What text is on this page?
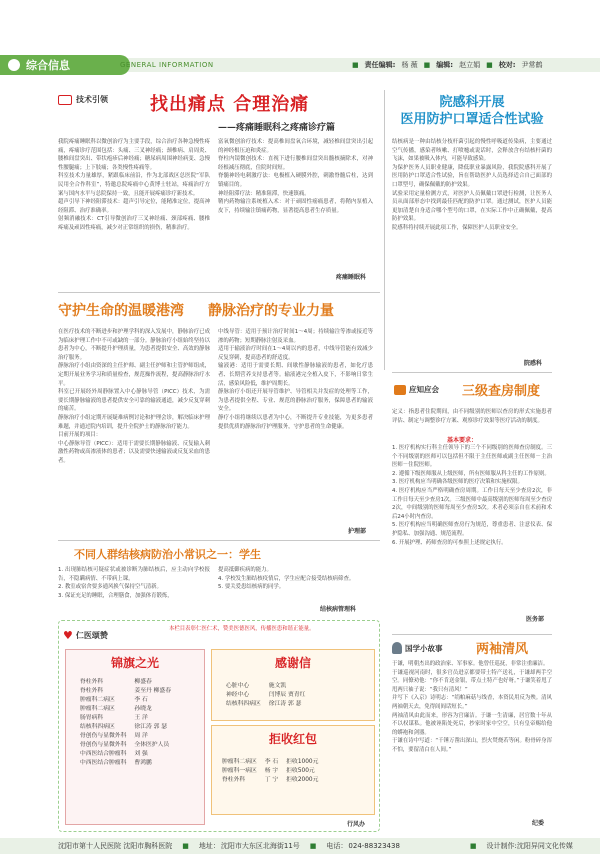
综合信息	GENERAL INFORMATION	■ 责任编辑: 杨 薇 ■ 编辑: 赵立娟 ■ 校对: 尹常鹤
技术引领 找出痛点 合理治痛
——疼痛睡眠科之疼痛诊疗篇
我院疼痛睡眠科以微创治疗为主要手段，综合治疗各种急慢性疼痛，疼痛诊疗范围包括：头痛、三叉神经痛；颈椎病、肩周炎、腰椎间盘突出、带状疱疹后神经痛；糖尿病周围神经病变、急慢性腰腿痛；上下肢痛；各类慢性疼痛等。
科室技术力量雄厚，紧跟临床前沿，作为北部战区总医院“军队民用全合作科室”，特邀总院疼痛中心黄博士驻站，疼痛治疗方案与国内水平与总院保持一致，且能开展疼痛诊疗新技术。
超声引导下神经阻滞技术：超声引导定位，能精准定位，提高神经阻滞、治疗准确率。
射频消融技术：CT引导微创治疗三叉神经痛、颈部疼痛、腰椎疼痛及顽固性疼痛，减少对正常组织的损伤，精准治疗。
富氧微创治疗技术：提高椎间盘氧合环境，减轻椎间盘突出引起的神经根压迫和炎症。
脊柱内镜微创技术：直视下进行腰椎间盘突出髓核摘除术，对神经根减压彻底，住院时间短。
脊髓神经电刺激疗法：电极植入硬膜外腔，刺激脊髓后柱，达到镇痛目的。
神经阻滞疗法：精准阻滞，快速镇痛。
鞘内药物输注系统植入术：对于顽固性癌痛患者，将鞘内泵植入皮下，持续输注镇痛药物，显著提高患者生存质量。
疼痛睡眠科
院感科开展
医用防护口罩适合性试验
结核病是一种由结核分枝杆菌引起的慢性呼吸道传染病，主要通过空气传播，感染者咳嗽、打喷嚏或说话时，会释放含有结核杆菌的飞沫，如果被吸入体内，可能导致感染。
为保护医务人员职业健康，降低职业暴露风险，我院院感科开展了医用防护口罩适合性试验，旨在帮助医护人员选择适合自己面部的口罩型号，确保佩戴的防护效果。
试验采用定量检测方式，对医护人员佩戴口罩进行检测，让医务人员从面部形态中找到最佳匹配的防护口罩。通过测试，医护人员能更加清楚自身适合哪个型号的口罩，在实际工作中正确佩戴，提高防护效果。
院感科将持续开展此项工作，保障医护人员职业安全。
院感科
守护生命的温暖港湾 静脉治疗的专业力量
在医疗技术的不断进步和护理学科的深入发展中，静脉治疗已成为临床护理工作中不可或缺的一部分。静脉治疗小组始终坚持以患者为中心，不断提升护理质量，为患者提供安全、高效的静脉治疗服务。
静脉治疗小组由资深的主任护师、副主任护师和主管护师组成，定期开展业务学习和质量检查，规范操作流程，提高静脉治疗水平。
科室已开展经外周静脉置入中心静脉导管（PICC）技术，为需要长期静脉输液的患者提供安全可靠的输液通道，减少反复穿刺的痛苦。
静脉治疗小组定期开展疑难病例讨论和护理会诊，解决临床护理难题，并通过院内培训，提升全院护士的静脉治疗能力。
目前开展的项目：
中心静脉导管（PICC）：适用于需要长期静脉输液、反复输入刺激性药物或高渗液体的患者；以及需要快速输液或反复采血的患者。
中线导管：适用于预计治疗时间1～4周；持续输注等渗或接近等渗的药物；短期静脉注射及采血。
适用于输液治疗时间在1～4周以内的患者，中线导管能有效减少反复穿刺，提高患者的舒适度。
输液港：适用于需要长期、间歇性静脉输液的患者，如化疗患者、长期营养支持患者等。输液港完全植入皮下，不影响日常生活，感染风险低，维护周期长。
静脉治疗小组还开展导管维护、导管相关并发症的处理等工作，为患者提供全程、专业、规范的静脉治疗服务，保障患者的输液安全。
静疗小组将继续以患者为中心，不断提升专业技能，为更多患者提供优质的静脉治疗护理服务，守护患者的生命健康。
护理部
应知应会 三级查房制度
定义：指患者住院期间，由不同级别的医师以查房的形式实施患者评估、制定与调整诊疗方案、观察诊疗效果等医疗活动的制度。
基本要求：
1. 医疗机构实行科主任领导下的三个不同级别的医师查房制度。三个不同级别的医师可以包括但不限于主任医师或副主任医师－主治医师－住院医师。
2. 遵循下级医师服从上级医师，所有医师服从科主任的工作原则。
3. 医疗机构应当明确各级医师的医疗决策和实施权限。
4. 医疗机构应当严格明确查房周期。工作日每天至少查房2次，非工作日每天至少查房1次。三级医师中最高级别的医师每周至少查房2次，中间级别的医师每周至少查房3次。术者必须亲自在术前和术后24小时内查房。
5. 医疗机构应当明确医师查房行为规范，尊重患者、注意仪表、保护隐私、加强沟通、规范流程。
6. 开展护理、药师查房的可参照上述规定执行。
医务部
不同人群结核病防治小常识之一：学生
1. 出现肺结核可疑症状或被诊断为肺结核后，应主动向学校报告，不隐瞒病情、不带病上课。
2. 教室或宿舍要多通风换气保持空气清新。
3. 保证充足的睡眠，合理膳食，加强体育锻炼，
提高抵御疾病的能力。
4. 学校发生肺结核疫情后，学生应配合接受结核病筛查。
5. 要关爱患结核病的同学。
结核病管理科
♥ 仁医颂赞
本栏目表彰仁医仁术，赞美医德医风，传播医患和谐正能量。
锦旗之光
脊柱外科	柳盛春
脊柱外科	姜至丹 柳盛春
肿瘤科二病区	李 石
肿瘤科二病区	孙晓龙
肠胃病科	王 洋
结核科四病区	徐江涛 郭 瑟
骨创伤与显微外科	周 洋
骨创伤与显微外科	全体医护人员
中西医结合肿瘤科	刘 强
中西医结合肿瘤科	曹鸿鹏
感谢信
心脏中心	施文凯
神经中心	闫博辰 贾青红
结核科四病区	徐江涛 郭 瑟
拒收红包
肿瘤科二病区	李 石	拒收1000元
肿瘤科一病区	杨 宇	拒收500元
脊柱外科	丁 宁	拒收2000元
行风办
国学小故事	两袖清风
于谦，明朝杰出的政治家、军事家。他曾任巡抚，非常注重廉洁。
于谦巡视河南时，很多官员进京都要带土特产送礼，于谦却两手空空。同僚劝他：“你不肯送金银，带点土特产也好呀。”于谦笑着甩了甩两只袖子说：“我只有清风！”
并写下《入京》诗明志：“绢帕麻菇与线香，本资民用反为殃。清风两袖朝天去，免得闾阎话短长。”
两袖清风由此而来，形容为官廉洁。于谦一生清廉，居官数十年从不以权谋私。他被诬陷处死后，抄家时家中空空，只有皇帝赐给他的蟒袍和剑器。
于谦在诗中写道：“千锤万凿出深山，烈火焚烧若等闲。粉骨碎身浑不怕，要留清白在人间。”
纪委
沈阳市第十人民医院 沈阳市胸科医院 ■ 地址： 沈阳市大东区北海街11号 ■ 电话： 024-88323438	■ 设计制作:沈阳异同文化传媒
